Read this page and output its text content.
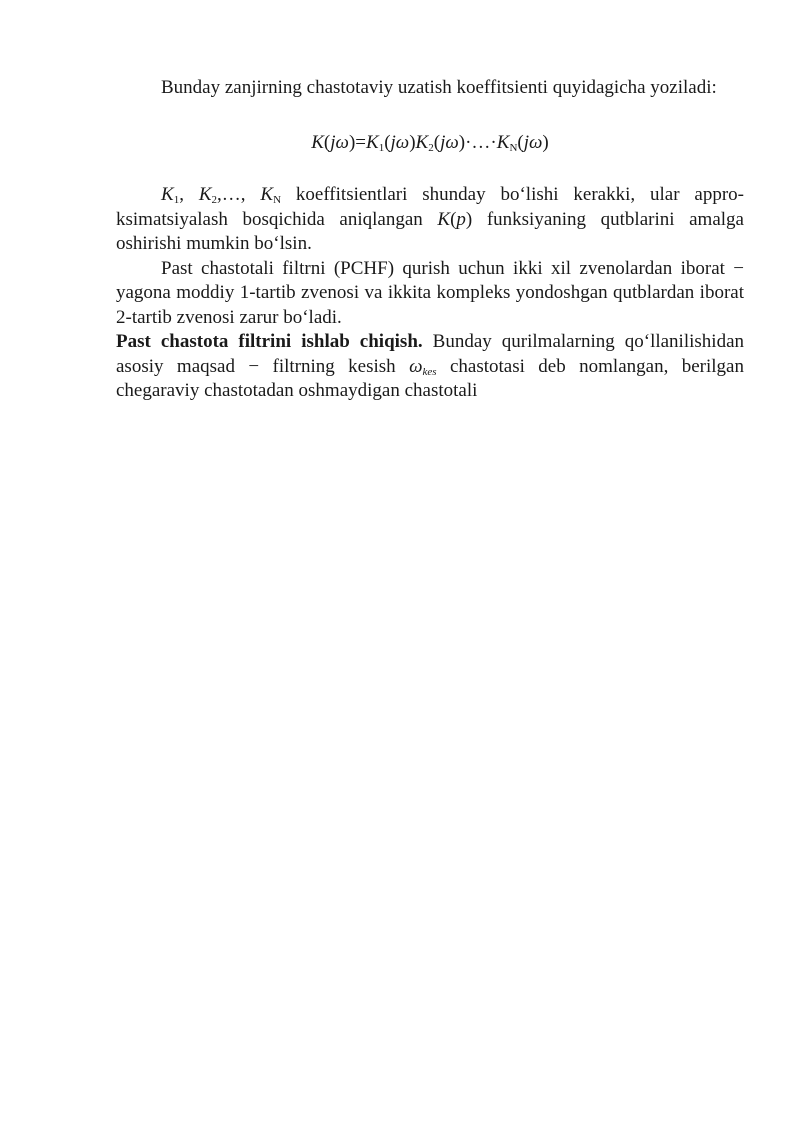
Bunday zanjirning chastotaviy uzatish koeffitsienti quyidagicha yoziladi:

$K(j\omega)=K_1(j\omega)K_2(j\omega)\cdot\dots\cdot K_N(j\omega)$

$K_1$, $K_2,\dots$, $K_N$ koeffitsientlari shunday bo‘lishi kerakki, ular approksimatsiyalash bosqichida aniqlangan K(p) funksiyaning qutblarini amalga oshirishi mumkin bo‘lsin.

Past chastotali filtrni (PCHF) qurish uchun ikki xil zvenolardan iborat − yagona moddiy 1-tartib zvenosi va ikkita kompleks yondoshgan qutblardan iborat 2-tartib zvenosi zarur bo‘ladi.

Past chastota filtrini ishlab chiqish. Bunday qurilmalarning qo‘llanilishidan asosiy maqsad − filtrning kesish $\omega_{kes}$ chastotasi deb nomlangan, berilgan chegaraviy chastotadan oshmaydigan chastotali
